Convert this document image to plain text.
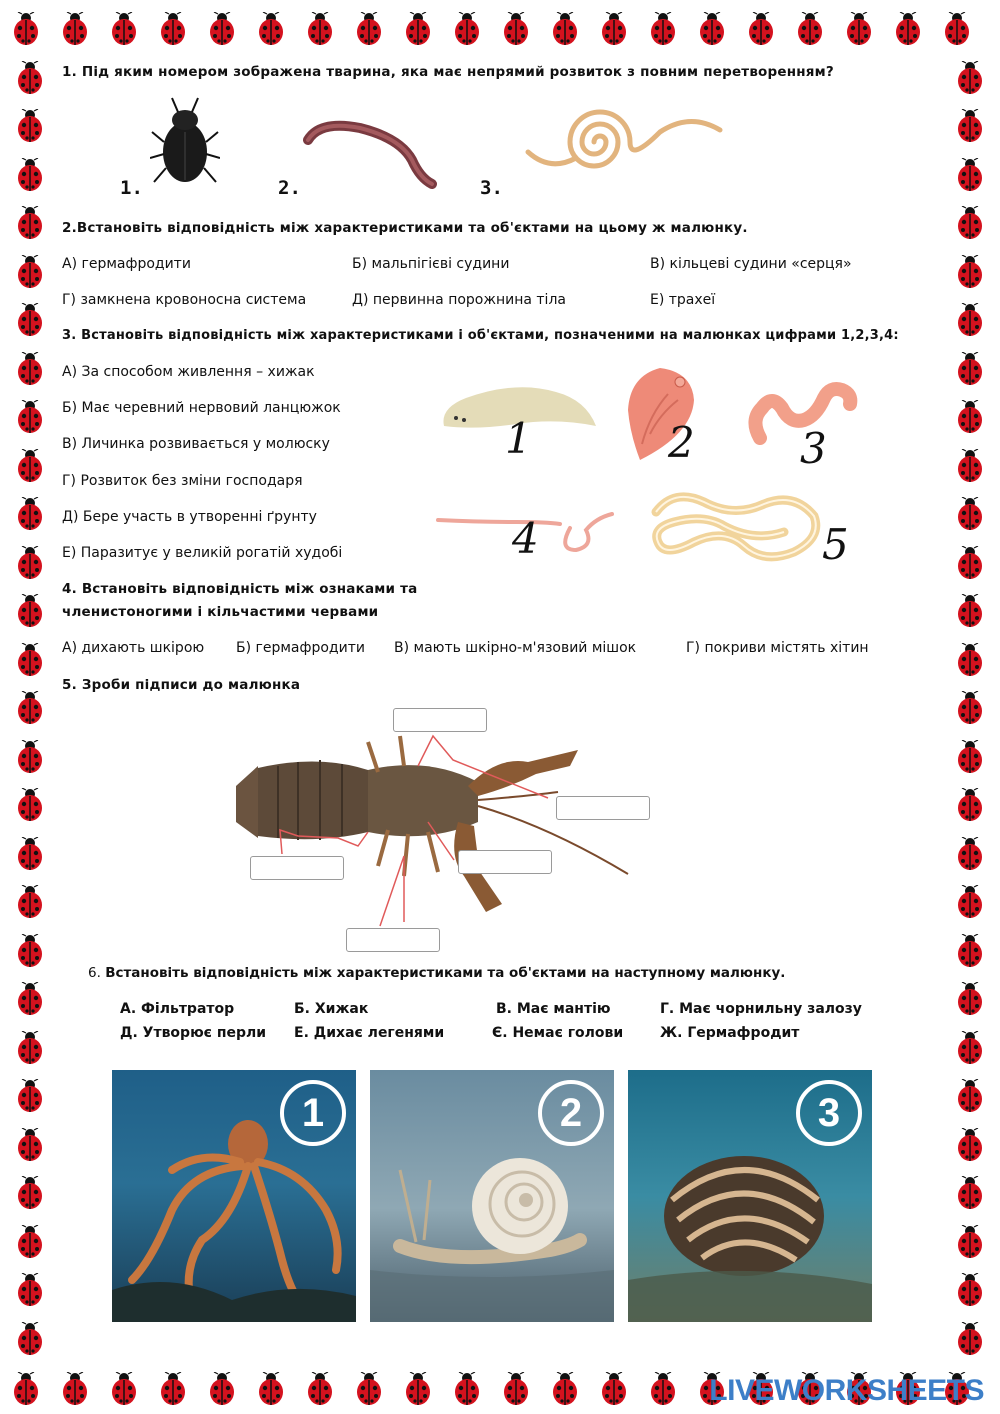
1. Під яким номером зображена тварина, яка має непрямий розвиток з повним перетворенням?
1.	2.	3.
2.Встановіть відповідність між характеристиками та об'єктами на цьому ж малюнку.
А) гермафродити	Б) мальпігієві судини	В) кільцеві судини «серця»
Г) замкнена кровоносна система	Д) первинна порожнина тіла	Е) трахеї
3. Встановіть відповідність між характеристиками і об'єктами, позначеними на малюнках цифрами 1,2,3,4:
А) За способом живлення – хижак
Б) Має черевний нервовий ланцюжок
В) Личинка розвивається у молюску
Г) Розвиток без зміни господаря
Д) Бере участь в утворенні ґрунту
Е) Паразитує у великій рогатій худобі
1	2	3
4	5
4. Встановіть відповідність між ознаками та
членистоногими і кільчастими червами
А) дихають шкірою Б) гермафродити В) мають шкірно-м'язовий мішок	Г) покриви містять хітин
5. Зроби підписи до малюнка
6. Встановіть відповідність між характеристиками та об'єктами на наступному малюнку.
А. Фільтратор	Б. Хижак	В. Має мантію	Г. Має чорнильну залозу
Д. Утворює перли Е. Дихає легенями	Є. Немає голови	Ж. Гермафродит
1	2	3
LIVEWORKSHEETS
